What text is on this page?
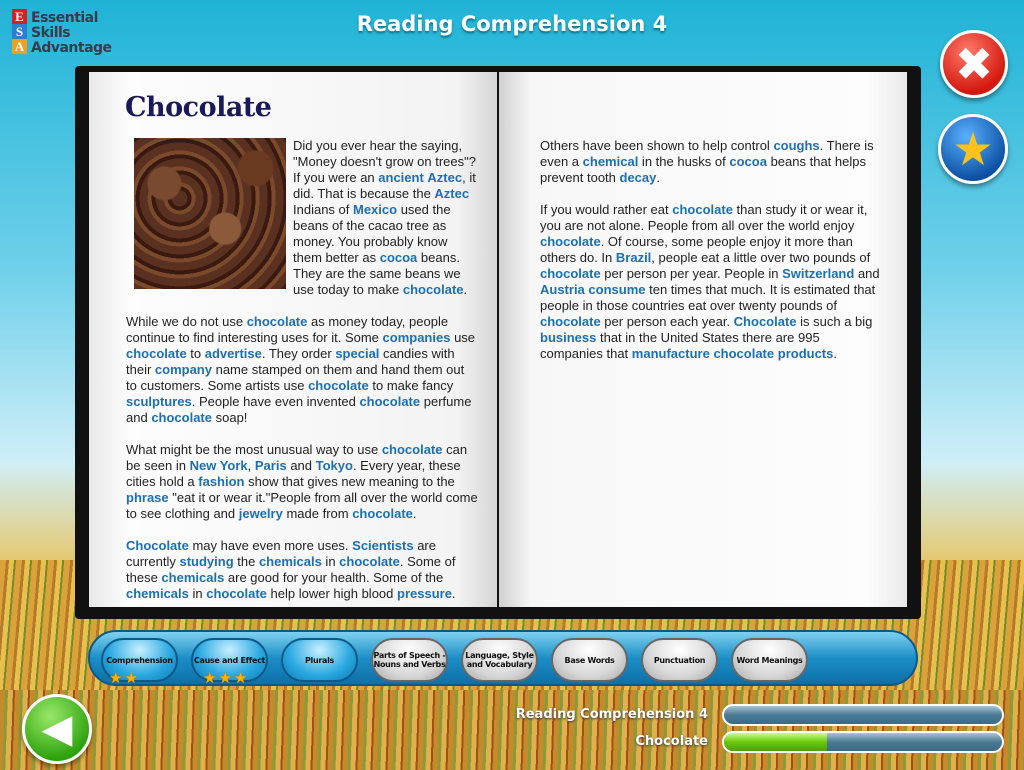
E
S
A
Essential
Skills
Advantage
Reading Comprehension 4
✖
★
Chocolate

Did you ever hear the saying, "Money doesn't grow on trees"? If you were an ancient Aztec, it did. That is because the Aztec Indians of Mexico used the beans of the cacao tree as money. You probably know them better as cocoa beans. They are the same beans we use today to make chocolate.

While we do not use chocolate as money today, people continue to find interesting uses for it. Some companies use chocolate to advertise. They order special candies with their company name stamped on them and hand them out to customers. Some artists use chocolate to make fancy sculptures. People have even invented chocolate perfume and chocolate soap!

What might be the most unusual way to use chocolate can be seen in New York, Paris and Tokyo. Every year, these cities hold a fashion show that gives new meaning to the phrase "eat it or wear it."People from all over the world come to see clothing and jewelry made from chocolate.

Chocolate may have even more uses. Scientists are currently studying the chemicals in chocolate. Some of these chemicals are good for your health. Some of the chemicals in chocolate help lower high blood pressure.

Others have been shown to help control coughs. There is even a chemical in the husks of cocoa beans that helps prevent tooth decay.

If you would rather eat chocolate than study it or wear it, you are not alone. People from all over the world enjoy chocolate. Of course, some people enjoy it more than others do. In Brazil, people eat a little over two pounds of chocolate per person per year. People in Switzerland and Austria consume ten times that much. It is estimated that people in those countries eat over twenty pounds of chocolate per person each year. Chocolate is such a big business that in the United States there are 995 companies that manufacture chocolate products.

Comprehension
★★
Cause and Effect
★★★
Plurals	Parts of Speech - Nouns and Verbs
Language, Style and Vocabulary	Base Words	Punctuation	Word Meanings
◀	Reading Comprehension 4
Chocolate
